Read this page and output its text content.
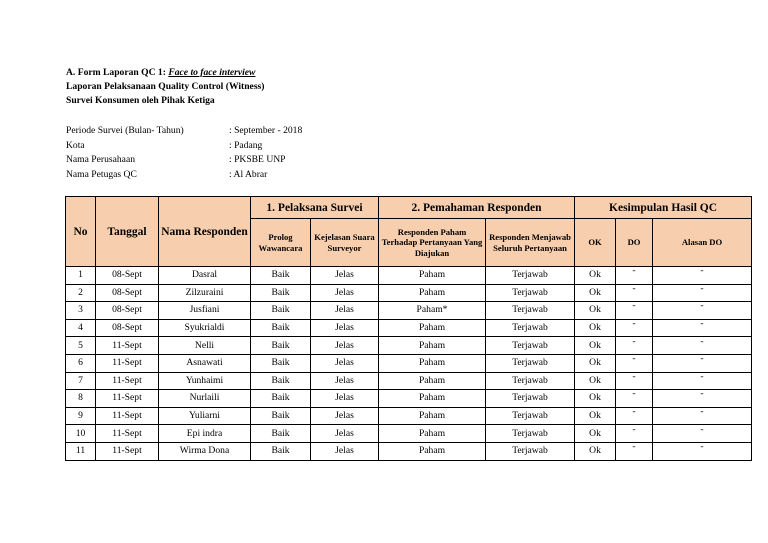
A. Form Laporan QC 1: Face to face interview
Laporan Pelaksanaan Quality Control (Witness)
Survei Konsumen oleh Pihak Ketiga
Periode Survei (Bulan- Tahun)	: September - 2018
Kota	: Padang
Nama Perusahaan	: PKSBE UNP
Nama Petugas QC	: Al Abrar
No	Tanggal	Nama Responden	1. Pelaksana Survei		2. Pemahaman Responden		Kesimpulan Hasil QC		
			Prolog Wawancara	Kejelasan Suara Surveyor	Responden Paham Terhadap Pertanyaan Yang Diajukan	Responden Menjawab Seluruh Pertanyaan	OK	DO	Alasan DO
1	08-Sept	Dasral	Baik	Jelas	Paham	Terjawab	Ok	-	-
2	08-Sept	Zilzuraini	Baik	Jelas	Paham	Terjawab	Ok	-	-
3	08-Sept	Jusfiani	Baik	Jelas	Paham*	Terjawab	Ok	-	-
4	08-Sept	Syukrialdi	Baik	Jelas	Paham	Terjawab	Ok	-	-
5	11-Sept	Nelli	Baik	Jelas	Paham	Terjawab	Ok	-	-
6	11-Sept	Asnawati	Baik	Jelas	Paham	Terjawab	Ok	-	-
7	11-Sept	Yunhaimi	Baik	Jelas	Paham	Terjawab	Ok	-	-
8	11-Sept	Nurlaili	Baik	Jelas	Paham	Terjawab	Ok	-	-
9	11-Sept	Yuliarni	Baik	Jelas	Paham	Terjawab	Ok	-	-
10	11-Sept	Epi indra	Baik	Jelas	Paham	Terjawab	Ok	-	-
11	11-Sept	Wirma Dona	Baik	Jelas	Paham	Terjawab	Ok	-	-
